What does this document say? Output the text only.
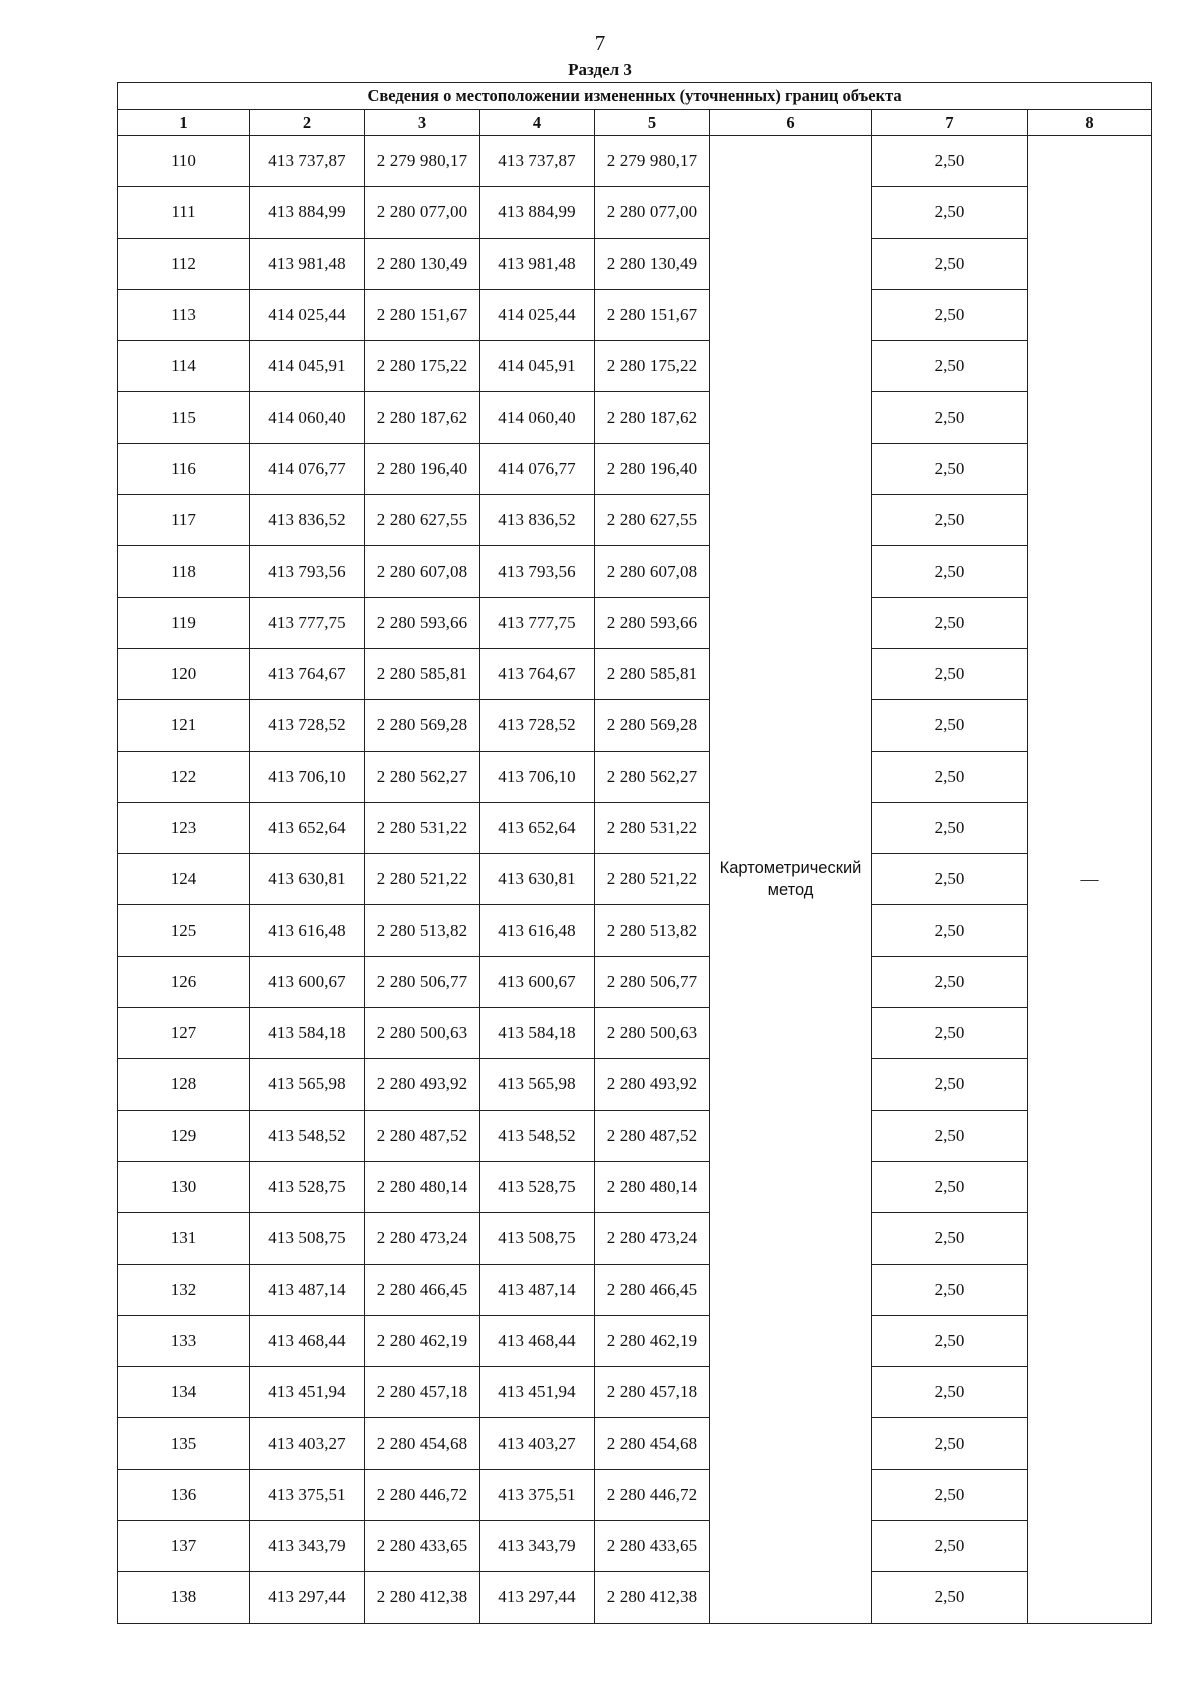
7
Раздел 3
Сведения о местоположении измененных (уточненных) границ объекта							
1	2	3	4	5	6	7	8
110	413 737,87	2 279 980,17	413 737,87	2 279 980,17	Картометрический метод	2,50	—
111	413 884,99	2 280 077,00	413 884,99	2 280 077,00		2,50	
112	413 981,48	2 280 130,49	413 981,48	2 280 130,49		2,50	
113	414 025,44	2 280 151,67	414 025,44	2 280 151,67		2,50	
114	414 045,91	2 280 175,22	414 045,91	2 280 175,22		2,50	
115	414 060,40	2 280 187,62	414 060,40	2 280 187,62		2,50	
116	414 076,77	2 280 196,40	414 076,77	2 280 196,40		2,50	
117	413 836,52	2 280 627,55	413 836,52	2 280 627,55		2,50	
118	413 793,56	2 280 607,08	413 793,56	2 280 607,08		2,50	
119	413 777,75	2 280 593,66	413 777,75	2 280 593,66		2,50	
120	413 764,67	2 280 585,81	413 764,67	2 280 585,81		2,50	
121	413 728,52	2 280 569,28	413 728,52	2 280 569,28		2,50	
122	413 706,10	2 280 562,27	413 706,10	2 280 562,27		2,50	
123	413 652,64	2 280 531,22	413 652,64	2 280 531,22		2,50	
124	413 630,81	2 280 521,22	413 630,81	2 280 521,22		2,50	
125	413 616,48	2 280 513,82	413 616,48	2 280 513,82		2,50	
126	413 600,67	2 280 506,77	413 600,67	2 280 506,77		2,50	
127	413 584,18	2 280 500,63	413 584,18	2 280 500,63		2,50	
128	413 565,98	2 280 493,92	413 565,98	2 280 493,92		2,50	
129	413 548,52	2 280 487,52	413 548,52	2 280 487,52		2,50	
130	413 528,75	2 280 480,14	413 528,75	2 280 480,14		2,50	
131	413 508,75	2 280 473,24	413 508,75	2 280 473,24		2,50	
132	413 487,14	2 280 466,45	413 487,14	2 280 466,45		2,50	
133	413 468,44	2 280 462,19	413 468,44	2 280 462,19		2,50	
134	413 451,94	2 280 457,18	413 451,94	2 280 457,18		2,50	
135	413 403,27	2 280 454,68	413 403,27	2 280 454,68		2,50	
136	413 375,51	2 280 446,72	413 375,51	2 280 446,72		2,50	
137	413 343,79	2 280 433,65	413 343,79	2 280 433,65		2,50	
138	413 297,44	2 280 412,38	413 297,44	2 280 412,38		2,50	
